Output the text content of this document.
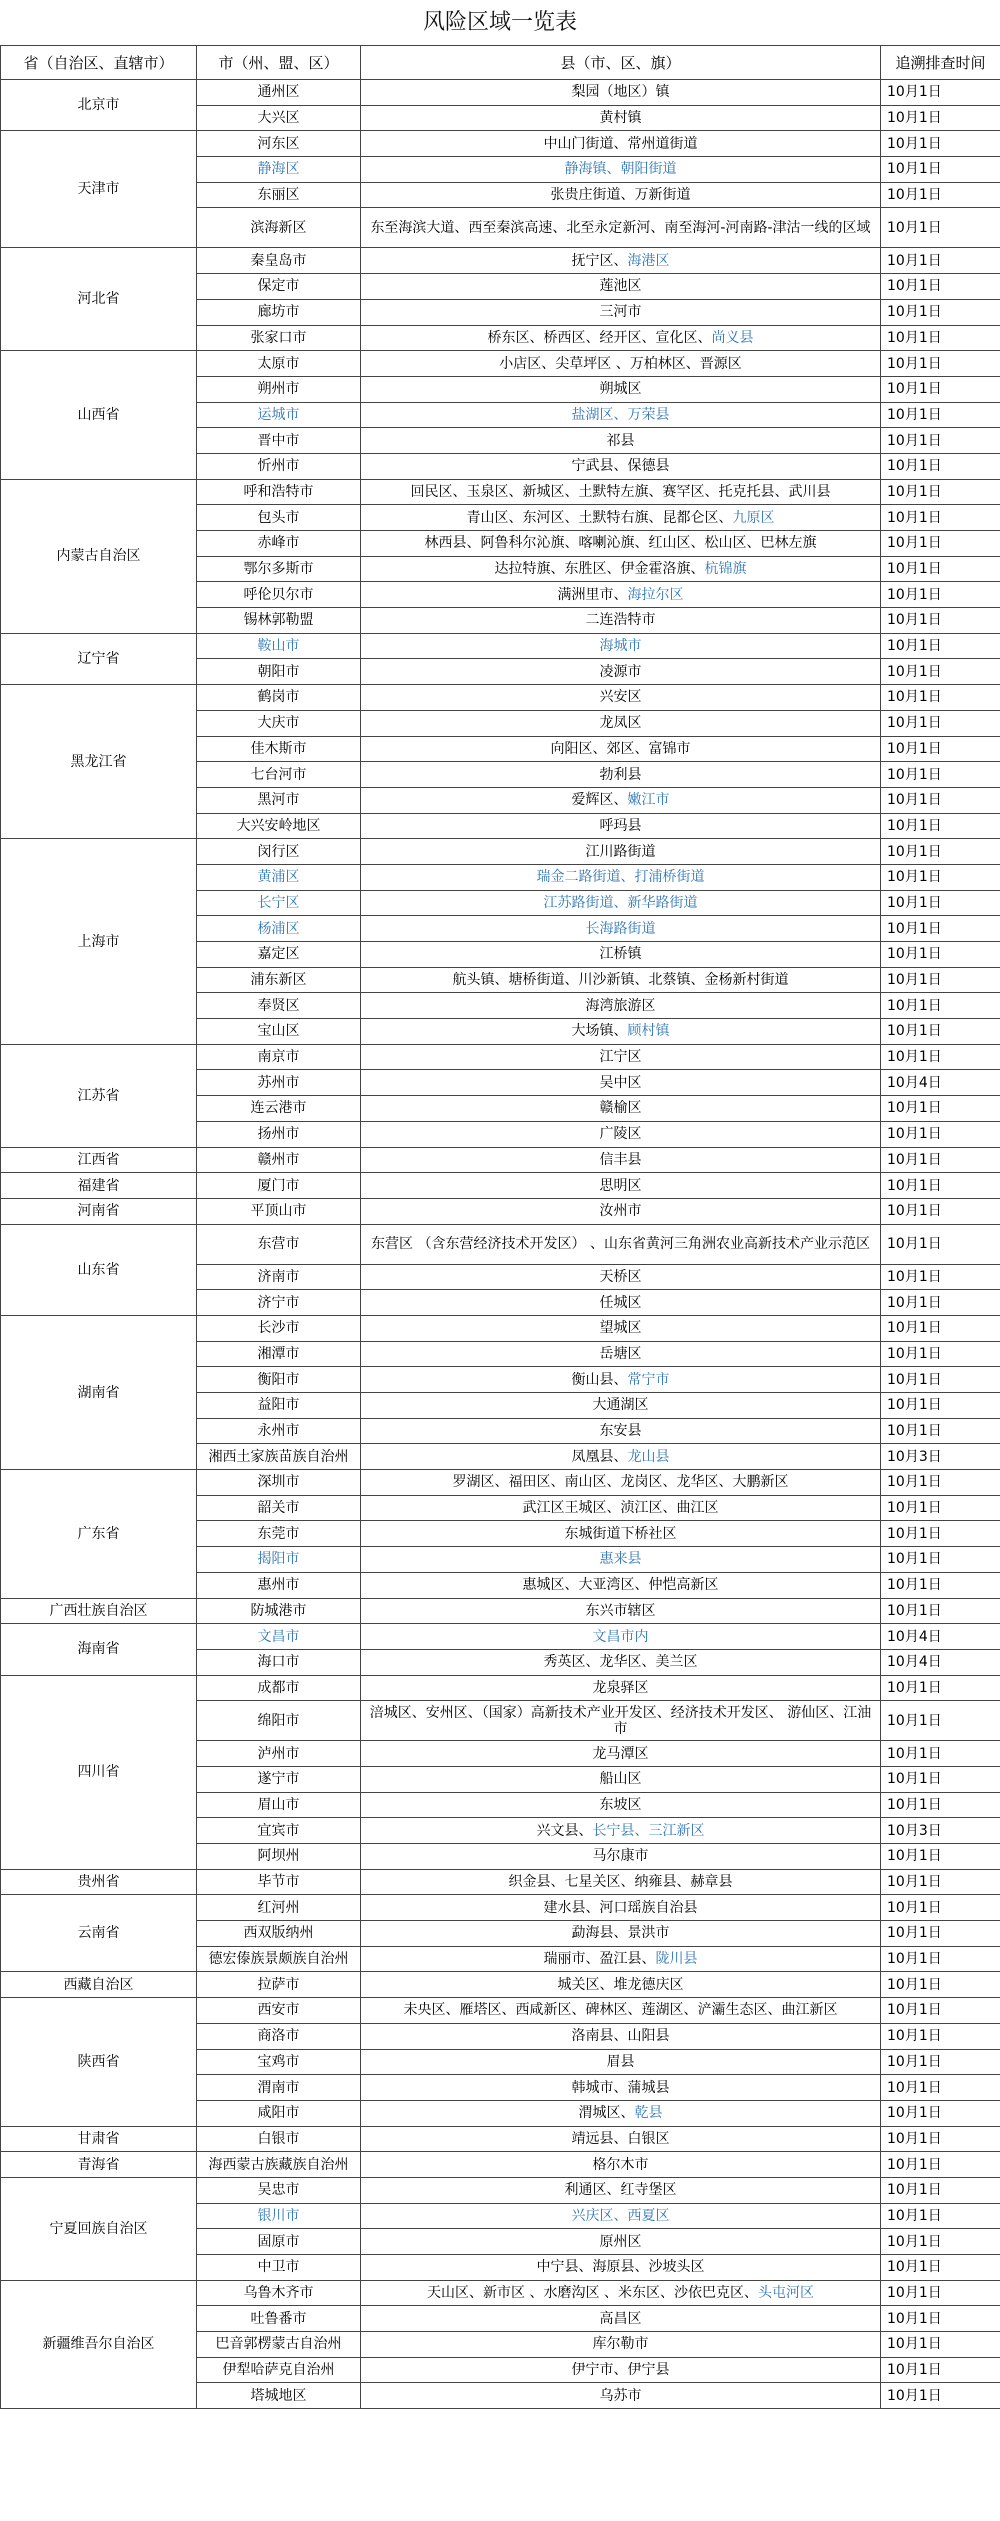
风险区域一览表
省（自治区、直辖市）	市（州、盟、区）	县（市、区、旗）	追溯排查时间
北京市	通州区	梨园（地区）镇	10月1日
	大兴区	黄村镇	10月1日
天津市	河东区	中山门街道、常州道街道	10月1日
	静海区	静海镇、朝阳街道	10月1日
	东丽区	张贵庄街道、万新街道	10月1日
	滨海新区	东至海滨大道、西至秦滨高速、北至永定新河、南至海河-河南路-津沽一线的区域	10月1日
河北省	秦皇岛市	抚宁区、海港区	10月1日
	保定市	莲池区	10月1日
	廊坊市	三河市	10月1日
	张家口市	桥东区、桥西区、经开区、宣化区、尚义县	10月1日
山西省	太原市	小店区、尖草坪区 、万柏林区、晋源区	10月1日
	朔州市	朔城区	10月1日
	运城市	盐湖区、万荣县	10月1日
	晋中市	祁县	10月1日
	忻州市	宁武县、保德县	10月1日
内蒙古自治区	呼和浩特市	回民区、玉泉区、新城区、土默特左旗、赛罕区、托克托县、武川县	10月1日
	包头市	青山区、东河区、土默特右旗、昆都仑区、九原区	10月1日
	赤峰市	林西县、阿鲁科尔沁旗、喀喇沁旗、红山区、松山区、巴林左旗	10月1日
	鄂尔多斯市	达拉特旗、东胜区、伊金霍洛旗、杭锦旗	10月1日
	呼伦贝尔市	满洲里市、海拉尔区	10月1日
	锡林郭勒盟	二连浩特市	10月1日
辽宁省	鞍山市	海城市	10月1日
	朝阳市	凌源市	10月1日
黑龙江省	鹤岗市	兴安区	10月1日
	大庆市	龙凤区	10月1日
	佳木斯市	向阳区、郊区、富锦市	10月1日
	七台河市	勃利县	10月1日
	黑河市	爱辉区、嫩江市	10月1日
	大兴安岭地区	呼玛县	10月1日
上海市	闵行区	江川路街道	10月1日
	黄浦区	瑞金二路街道、打浦桥街道	10月1日
	长宁区	江苏路街道、新华路街道	10月1日
	杨浦区	长海路街道	10月1日
	嘉定区	江桥镇	10月1日
	浦东新区	航头镇、塘桥街道、川沙新镇、北蔡镇、金杨新村街道	10月1日
	奉贤区	海湾旅游区	10月1日
	宝山区	大场镇、顾村镇	10月1日
江苏省	南京市	江宁区	10月1日
	苏州市	吴中区	10月4日
	连云港市	赣榆区	10月1日
	扬州市	广陵区	10月1日
江西省	赣州市	信丰县	10月1日
福建省	厦门市	思明区	10月1日
河南省	平顶山市	汝州市	10月1日
山东省	东营市	东营区 （含东营经济技术开发区） 、山东省黄河三角洲农业高新技术产业示范区	10月1日
	济南市	天桥区	10月1日
	济宁市	任城区	10月1日
湖南省	长沙市	望城区	10月1日
	湘潭市	岳塘区	10月1日
	衡阳市	衡山县、常宁市	10月1日
	益阳市	大通湖区	10月1日
	永州市	东安县	10月1日
	湘西土家族苗族自治州	凤凰县、龙山县	10月3日
广东省	深圳市	罗湖区、福田区、南山区、龙岗区、龙华区、大鹏新区	10月1日
	韶关市	武江区王城区、浈江区、曲江区	10月1日
	东莞市	东城街道下桥社区	10月1日
	揭阳市	惠来县	10月1日
	惠州市	惠城区、大亚湾区、仲恺高新区	10月1日
广西壮族自治区	防城港市	东兴市辖区	10月1日
海南省	文昌市	文昌市内	10月4日
	海口市	秀英区、龙华区、美兰区	10月4日
四川省	成都市	龙泉驿区	10月1日
	绵阳市	涪城区、安州区、（国家）高新技术产业开发区、经济技术开发区、 游仙区、江油市	10月1日
	泸州市	龙马潭区	10月1日
	遂宁市	船山区	10月1日
	眉山市	东坡区	10月1日
	宜宾市	兴文县、长宁县、三江新区	10月3日
	阿坝州	马尔康市	10月1日
贵州省	毕节市	织金县、七星关区、纳雍县、赫章县	10月1日
云南省	红河州	建水县、河口瑶族自治县	10月1日
	西双版纳州	勐海县、景洪市	10月1日
	德宏傣族景颇族自治州	瑞丽市、盈江县、陇川县	10月1日
西藏自治区	拉萨市	城关区、堆龙德庆区	10月1日
陕西省	西安市	未央区、雁塔区、西咸新区、碑林区、莲湖区、浐灞生态区、曲江新区	10月1日
	商洛市	洛南县、山阳县	10月1日
	宝鸡市	眉县	10月1日
	渭南市	韩城市、蒲城县	10月1日
	咸阳市	渭城区、乾县	10月1日
甘肃省	白银市	靖远县、白银区	10月1日
青海省	海西蒙古族藏族自治州	格尔木市	10月1日
宁夏回族自治区	吴忠市	利通区、红寺堡区	10月1日
	银川市	兴庆区、西夏区	10月1日
	固原市	原州区	10月1日
	中卫市	中宁县、海原县、沙坡头区	10月1日
新疆维吾尔自治区	乌鲁木齐市	天山区、新市区 、水磨沟区 、米东区、沙依巴克区、头屯河区	10月1日
	吐鲁番市	高昌区	10月1日
	巴音郭楞蒙古自治州	库尔勒市	10月1日
	伊犁哈萨克自治州	伊宁市、伊宁县	10月1日
	塔城地区	乌苏市	10月1日
